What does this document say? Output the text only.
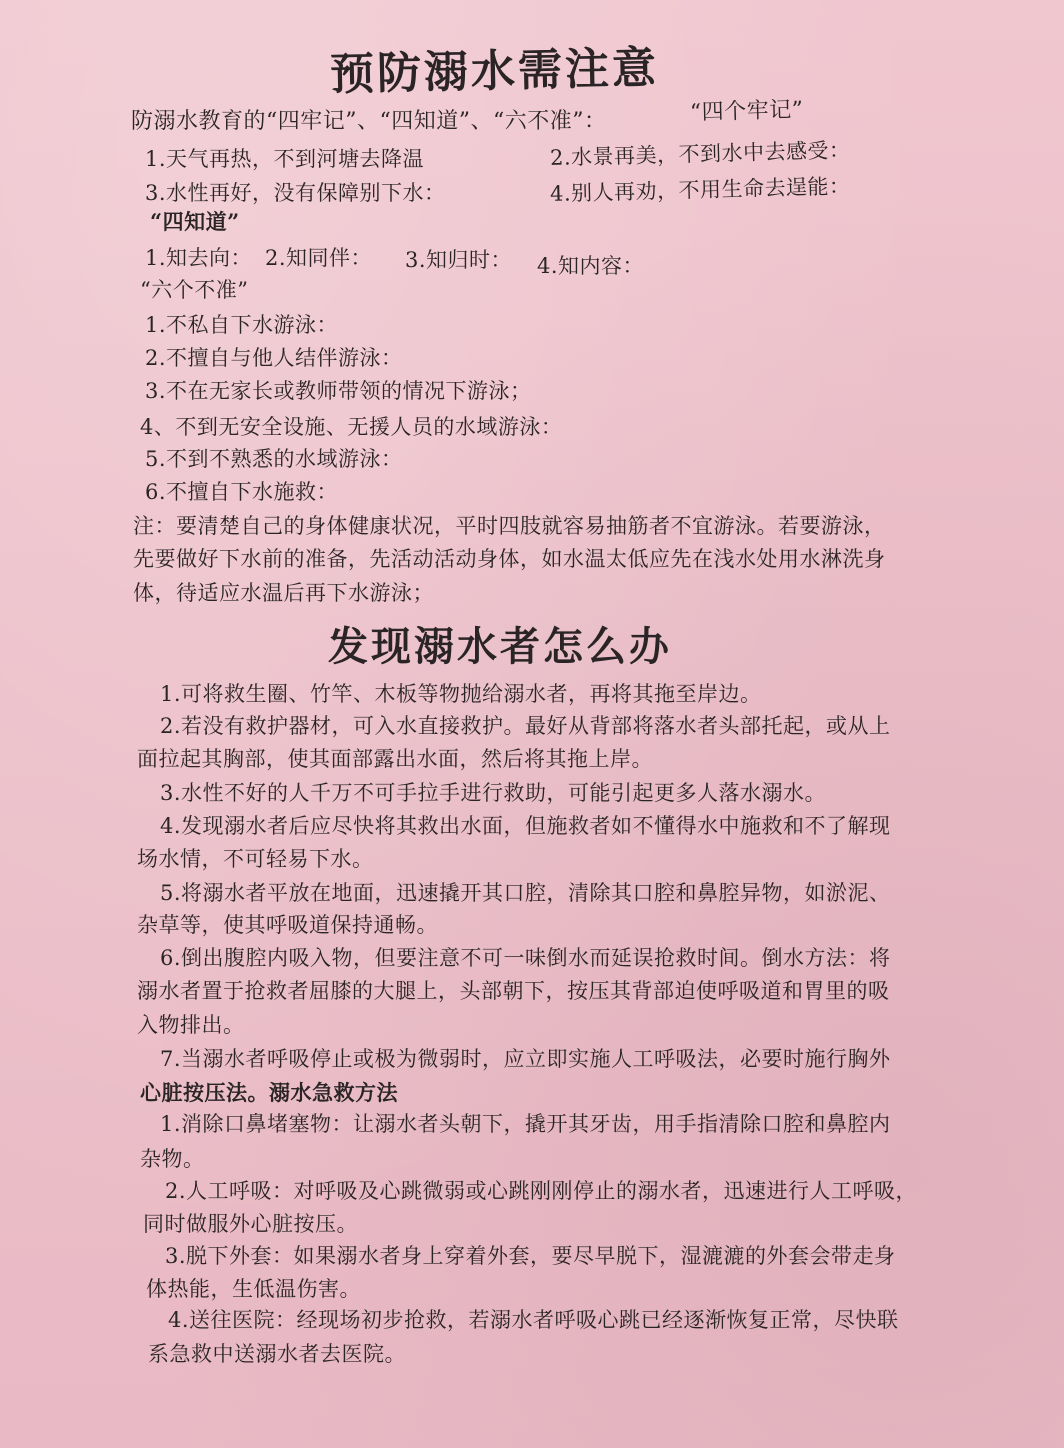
预防溺水需注意
防溺水教育的“四牢记”、“四知道”、“六不准”：	“四个牢记”
1.天气再热，不到河塘去降温	2.水景再美，不到水中去感受：
3.水性再好，没有保障别下水：	4.别人再劝，不用生命去逞能：
“四知道”
1.知去向： 2.知同伴： 3.知归时： 4.知内容：
“六个不准”
1.不私自下水游泳：
2.不擅自与他人结伴游泳：
3.不在无家长或教师带领的情况下游泳；
4、不到无安全设施、无援人员的水域游泳：
5.不到不熟悉的水域游泳：
6.不擅自下水施救：
注：要清楚自己的身体健康状况，平时四肢就容易抽筋者不宜游泳。若要游泳，
先要做好下水前的准备，先活动活动身体，如水温太低应先在浅水处用水淋洗身
体，待适应水温后再下水游泳；
发现溺水者怎么办
1.可将救生圈、竹竿、木板等物抛给溺水者，再将其拖至岸边。
2.若没有救护器材，可入水直接救护。最好从背部将落水者头部托起，或从上
面拉起其胸部，使其面部露出水面，然后将其拖上岸。
3.水性不好的人千万不可手拉手进行救助，可能引起更多人落水溺水。
4.发现溺水者后应尽快将其救出水面，但施救者如不懂得水中施救和不了解现
场水情，不可轻易下水。
5.将溺水者平放在地面，迅速撬开其口腔，清除其口腔和鼻腔异物，如淤泥、
杂草等，使其呼吸道保持通畅。
6.倒出腹腔内吸入物，但要注意不可一味倒水而延误抢救时间。倒水方法：将
溺水者置于抢救者屈膝的大腿上，头部朝下，按压其背部迫使呼吸道和胃里的吸
入物排出。
7.当溺水者呼吸停止或极为微弱时，应立即实施人工呼吸法，必要时施行胸外
心脏按压法。溺水急救方法
1.消除口鼻堵塞物：让溺水者头朝下，撬开其牙齿，用手指清除口腔和鼻腔内
杂物。
2.人工呼吸：对呼吸及心跳微弱或心跳刚刚停止的溺水者，迅速进行人工呼吸，
同时做服外心脏按压。
3.脱下外套：如果溺水者身上穿着外套，要尽早脱下，湿漉漉的外套会带走身
体热能，生低温伤害。
4.送往医院：经现场初步抢救，若溺水者呼吸心跳已经逐渐恢复正常，尽快联
系急救中送溺水者去医院。
